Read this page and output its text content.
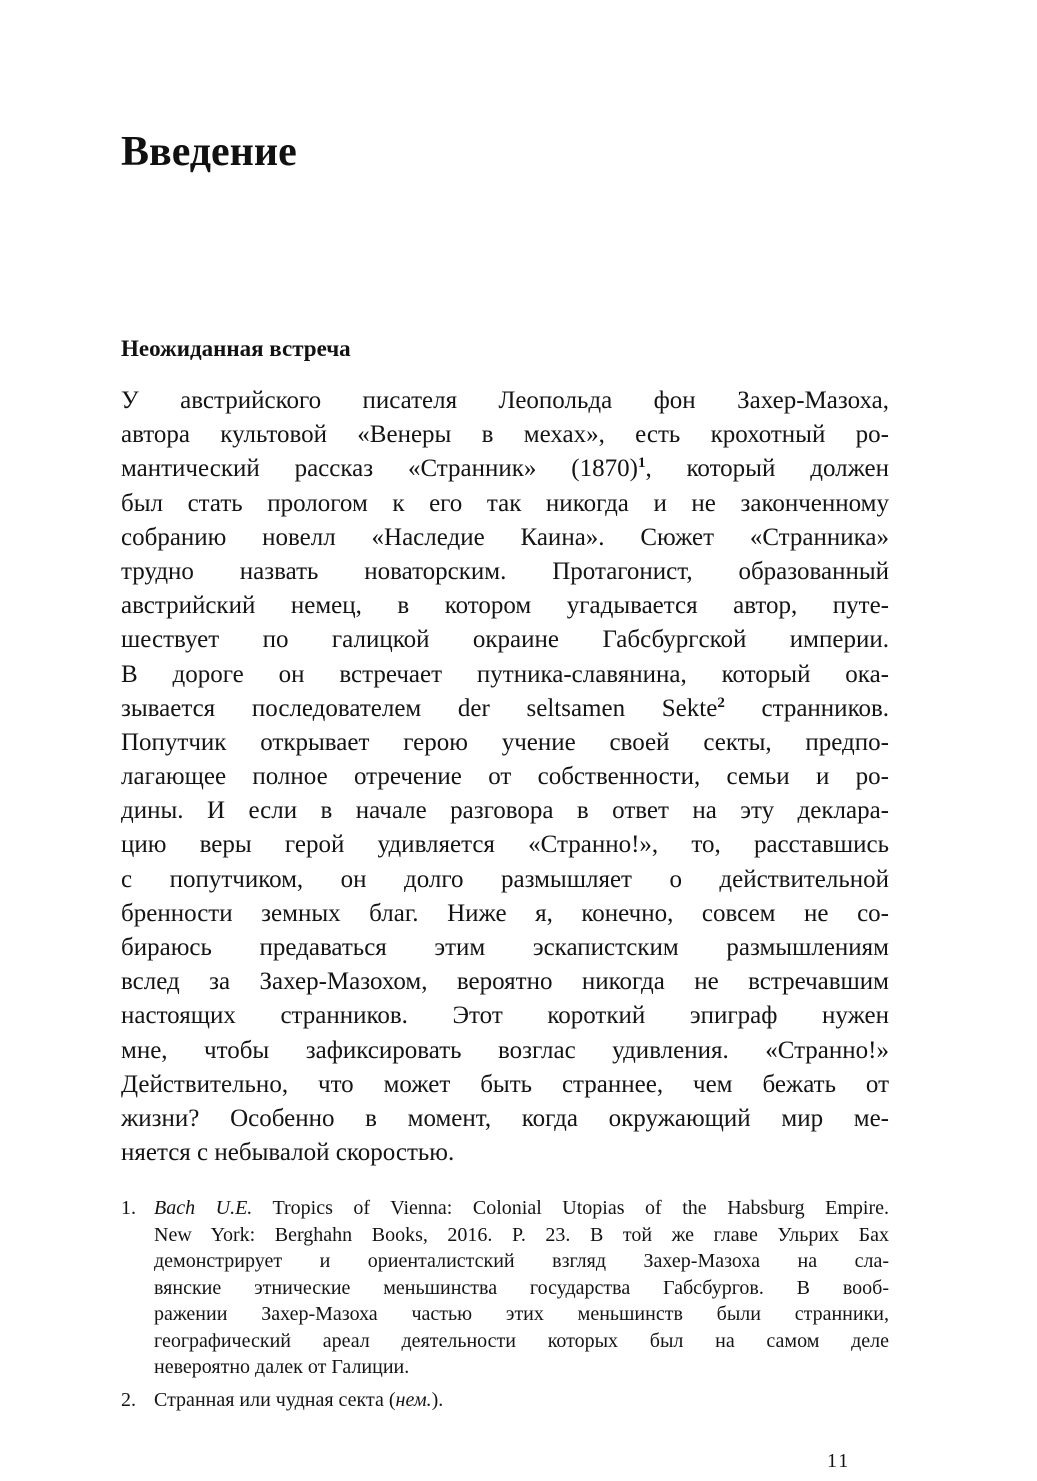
Введение
Неожиданная встреча
У австрийского писателя Леопольда фон Захер-Мазоха,
автора культовой «Венеры в мехах», есть крохотный ро-
мантический рассказ «Странник» (1870)$^1$, который должен
был стать прологом к его так никогда и не законченному
собранию новелл «Наследие Каина». Сюжет «Странника»
трудно назвать новаторским. Протагонист, образованный
австрийский немец, в котором угадывается автор, путе-
шествует по галицкой окраине Габсбургской империи.
В дороге он встречает путника-славянина, который ока-
зывается последователем der seltsamen Sekte$^2$ странников.
Попутчик открывает герою учение своей секты, предпо-
лагающее полное отречение от собственности, семьи и ро-
дины. И если в начале разговора в ответ на эту деклара-
цию веры герой удивляется «Странно!», то, расставшись
с попутчиком, он долго размышляет о действительной
бренности земных благ. Ниже я, конечно, совсем не со-
бираюсь предаваться этим эскапистским размышлениям
вслед за Захер-Мазохом, вероятно никогда не встречавшим
настоящих странников. Этот короткий эпиграф нужен
мне, чтобы зафиксировать возглас удивления. «Странно!»
Действительно, что может быть страннее, чем бежать от
жизни? Особенно в момент, когда окружающий мир ме-
няется с небывалой скоростью.
1. Bach U.E. Tropics of Vienna: Colonial Utopias of the Habsburg Empire.
New York: Berghahn Books, 2016. P. 23. В той же главе Ульрих Бах
демонстрирует и ориенталистский взгляд Захер-Мазоха на сла-
вянские этнические меньшинства государства Габсбургов. В вооб-
ражении Захер-Мазоха частью этих меньшинств были странники,
географический ареал деятельности которых был на самом деле
невероятно далек от Галиции.
2. Странная или чудная секта (нем.).
11
